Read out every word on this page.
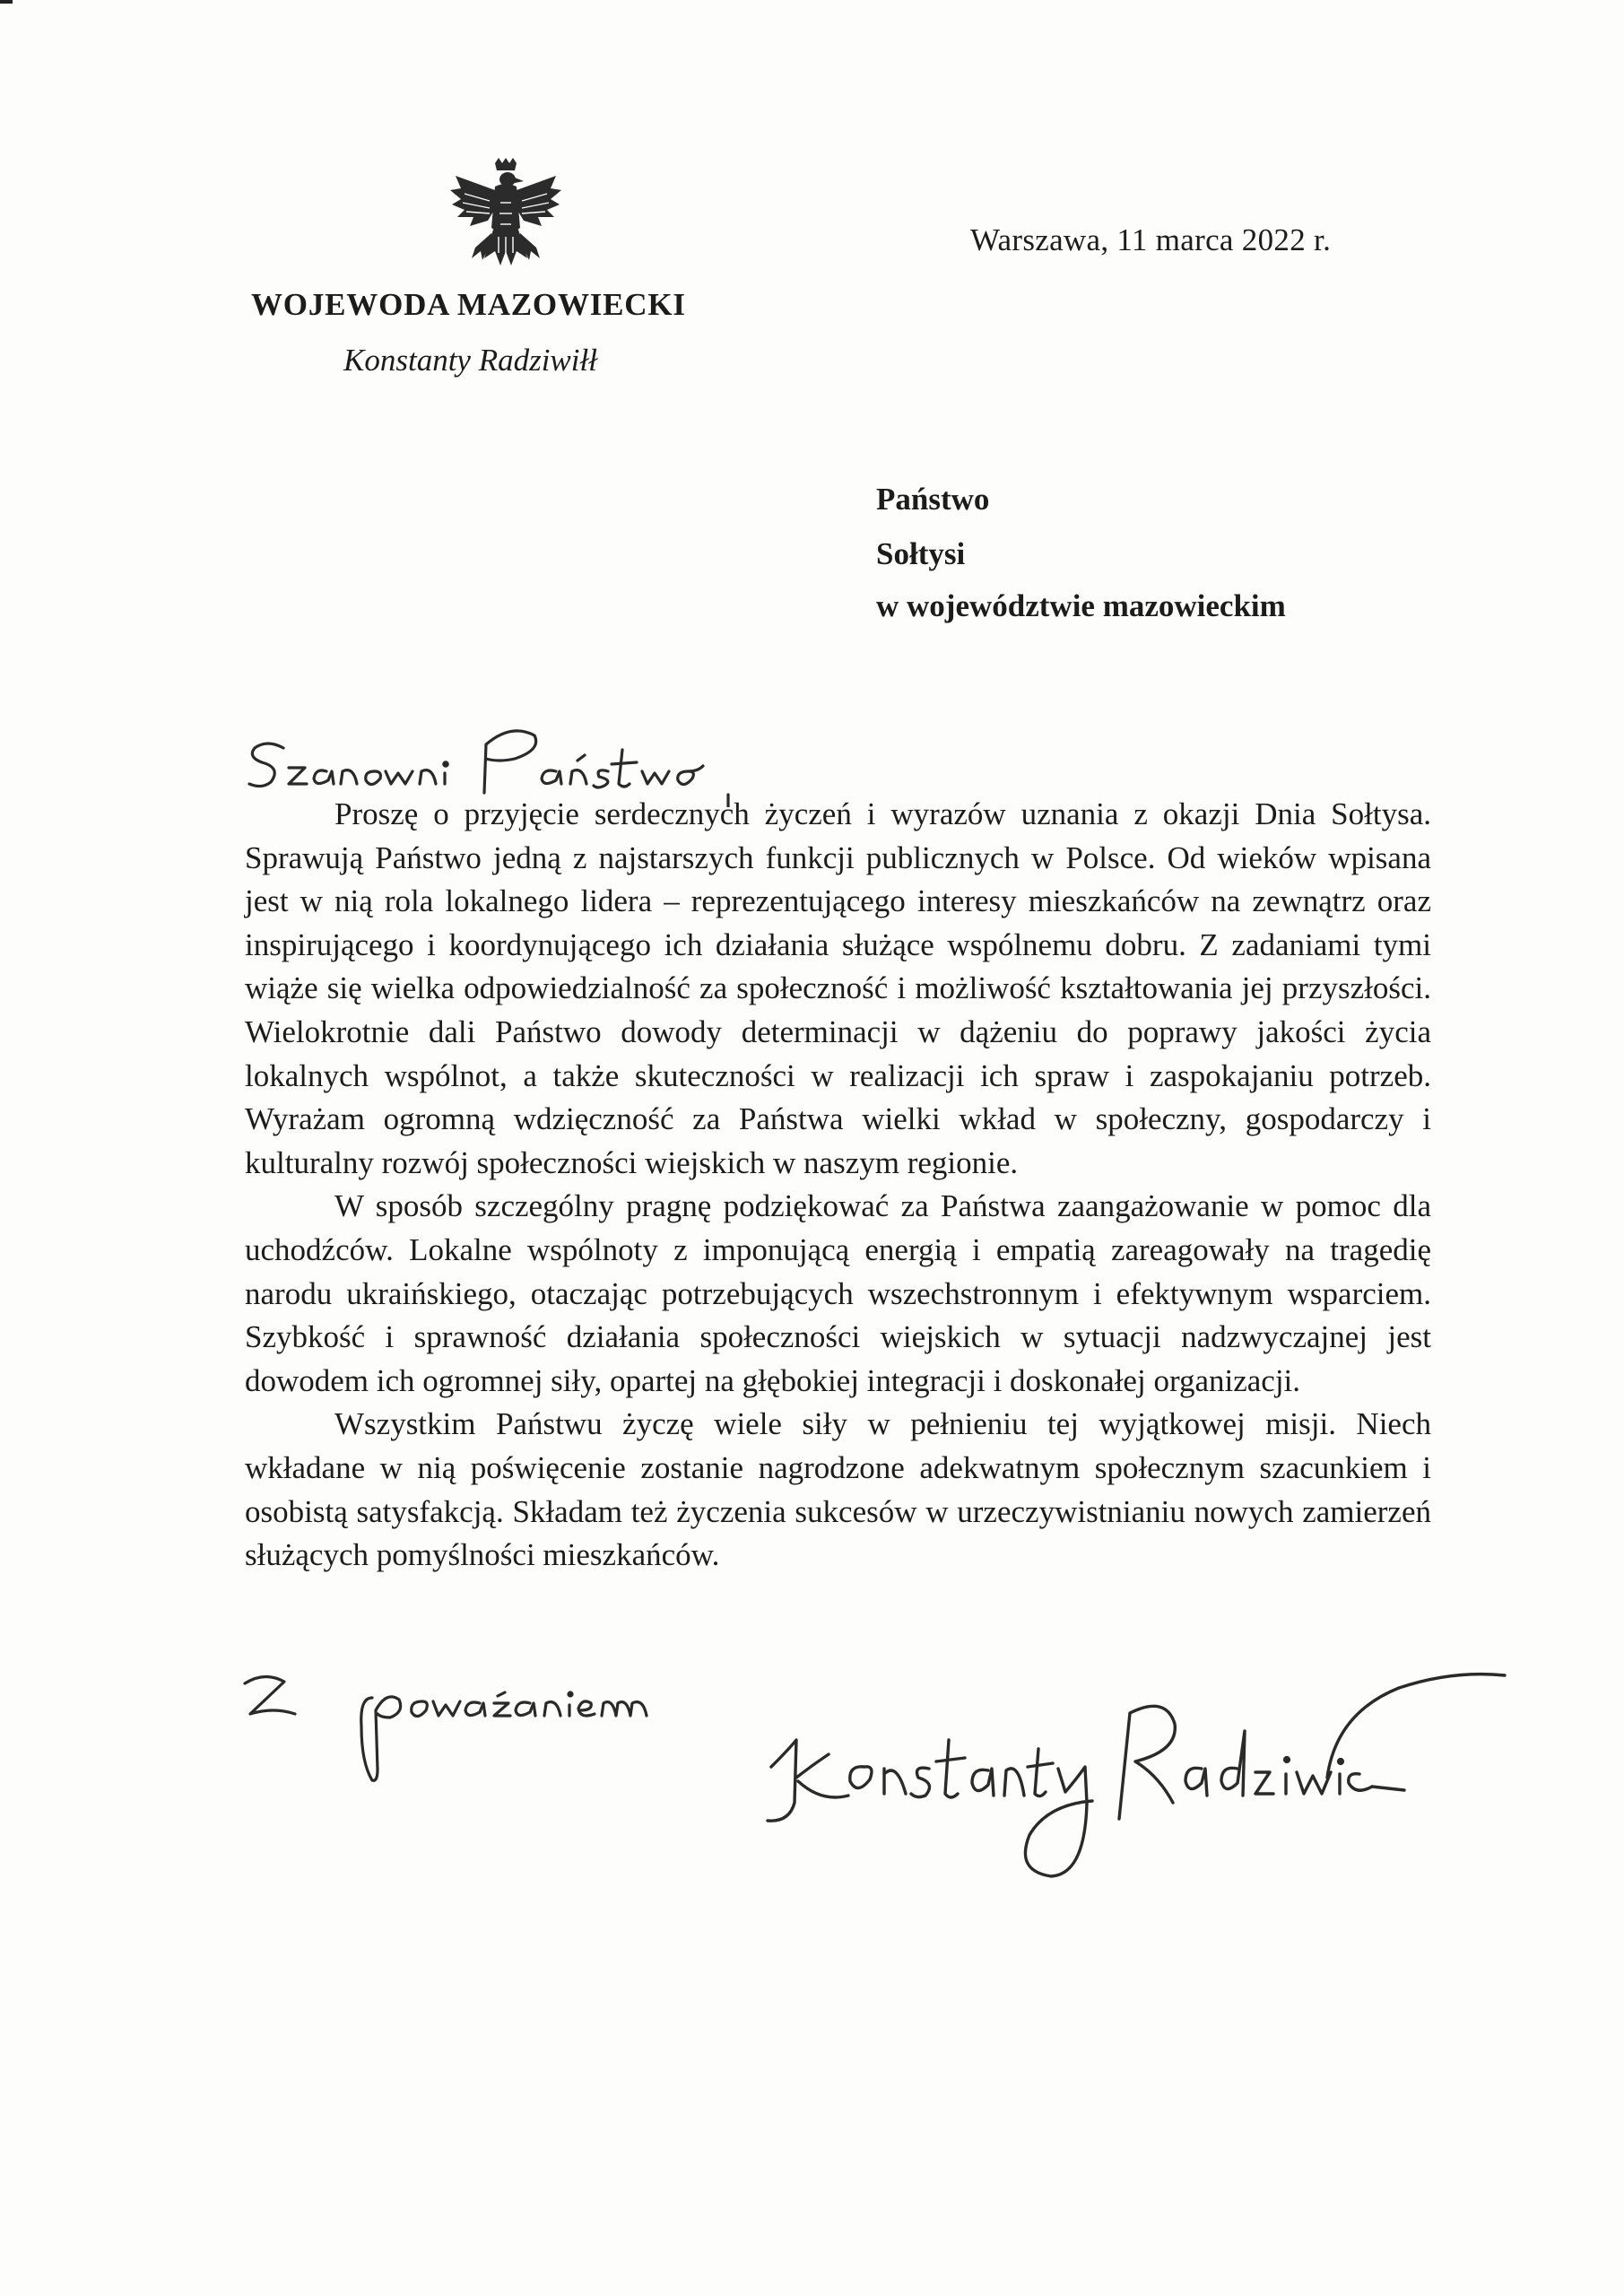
Warszawa, 11 marca 2022 r.
WOJEWODA MAZOWIECKI
Konstanty Radziwiłł
Państwo
Sołtysi
w województwie mazowieckim

Proszę o przyjęcie serdecznych życzeń i wyrazów uznania z okazji Dnia Sołtysa. Sprawują Państwo jedną z najstarszych funkcji publicznych w Polsce. Od wieków wpisana jest w nią rola lokalnego lidera – reprezentującego interesy mieszkańców na zewnątrz oraz inspirującego i koordynującego ich działania służące wspólnemu dobru. Z zadaniami tymi wiąże się wielka odpowiedzialność za społeczność i możliwość kształtowania jej przyszłości. Wielokrotnie dali Państwo dowody determinacji w dążeniu do poprawy jakości życia lokalnych wspólnot, a także skuteczności w realizacji ich spraw i zaspokajaniu potrzeb. Wyrażam ogromną wdzięczność za Państwa wielki wkład w społeczny, gospodarczy i kulturalny rozwój społeczności wiejskich w naszym regionie.

W sposób szczególny pragnę podziękować za Państwa zaangażowanie w pomoc dla uchodźców. Lokalne wspólnoty z imponującą energią i empatią zareagowały na tragedię narodu ukraińskiego, otaczając potrzebujących wszechstronnym i efektywnym wsparciem. Szybkość i sprawność działania społeczności wiejskich w sytuacji nadzwyczajnej jest dowodem ich ogromnej siły, opartej na głębokiej integracji i doskonałej organizacji.

Wszystkim Państwu życzę wiele siły w pełnieniu tej wyjątkowej misji. Niech wkładane w nią poświęcenie zostanie nagrodzone adekwatnym społecznym szacunkiem i osobistą satysfakcją. Składam też życzenia sukcesów w urzeczywistnianiu nowych zamierzeń służących pomyślności mieszkańców.
